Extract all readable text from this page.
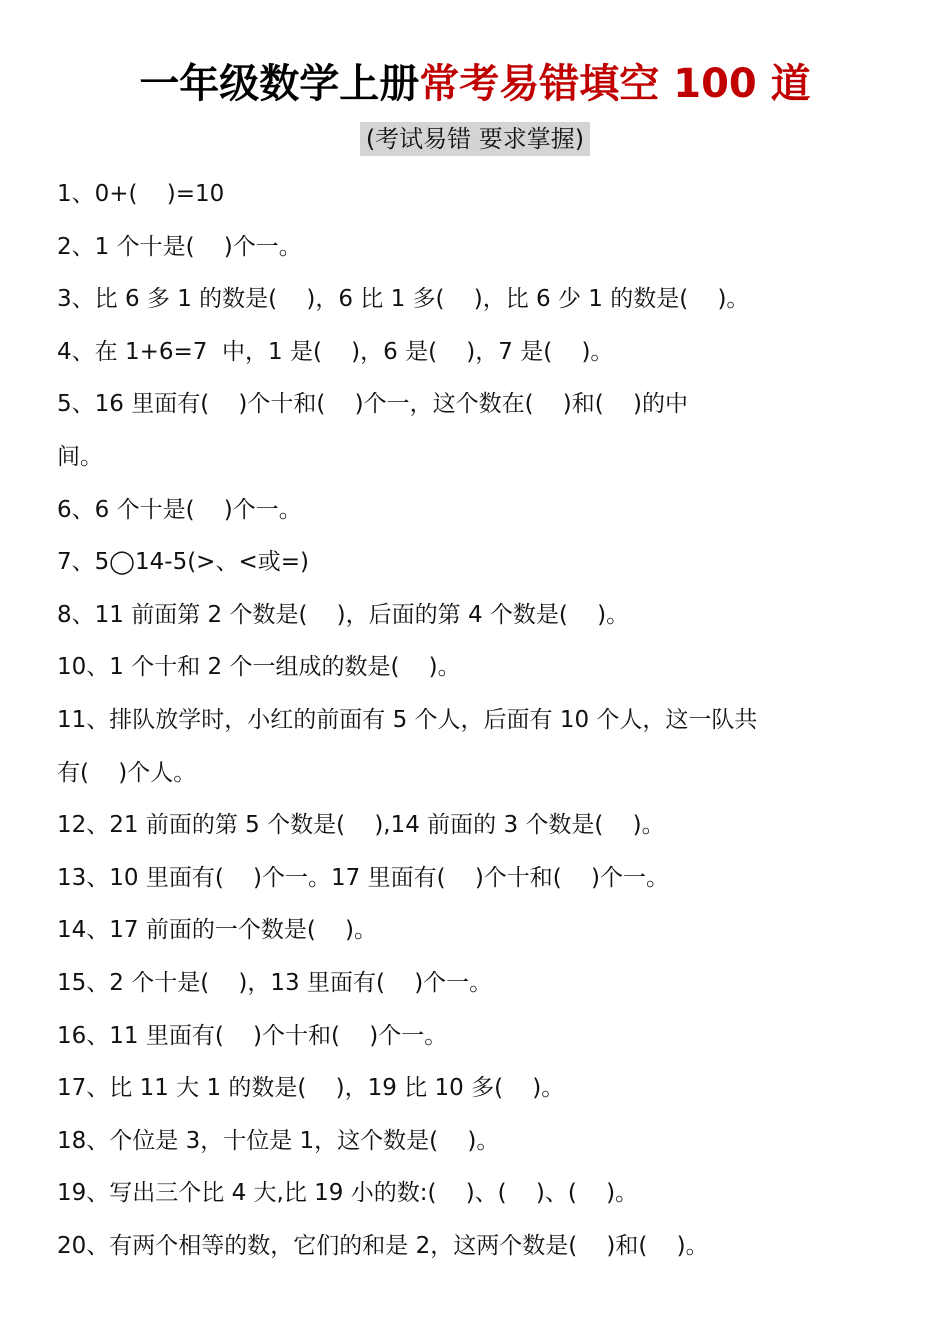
一年级数学上册常考易错填空 100 道
(考试易错 要求掌握)
1、0+(    )=10
2、1 个十是(    )个一。
3、比 6 多 1 的数是(    )，6 比 1 多(    )，比 6 少 1 的数是(    )。
4、在 1+6=7  中，1 是(    )，6 是(    )，7 是(    )。
5、16 里面有(    )个十和(    )个一，这个数在(    )和(    )的中
间。
6、6 个十是(    )个一。
7、5◯14-5(>、<或=)
8、11 前面第 2 个数是(    )，后面的第 4 个数是(    )。
10、1 个十和 2 个一组成的数是(    )。
11、排队放学时，小红的前面有 5 个人，后面有 10 个人，这一队共
有(    )个人。
12、21 前面的第 5 个数是(    ),14 前面的 3 个数是(    )。
13、10 里面有(    )个一。17 里面有(    )个十和(    )个一。
14、17 前面的一个数是(    )。
15、2 个十是(    )，13 里面有(    )个一。
16、11 里面有(    )个十和(    )个一。
17、比 11 大 1 的数是(    )，19 比 10 多(    )。
18、个位是 3，十位是 1，这个数是(    )。
19、写出三个比 4 大,比 19 小的数:(    )、(    )、(    )。
20、有两个相等的数，它们的和是 2，这两个数是(    )和(    )。
